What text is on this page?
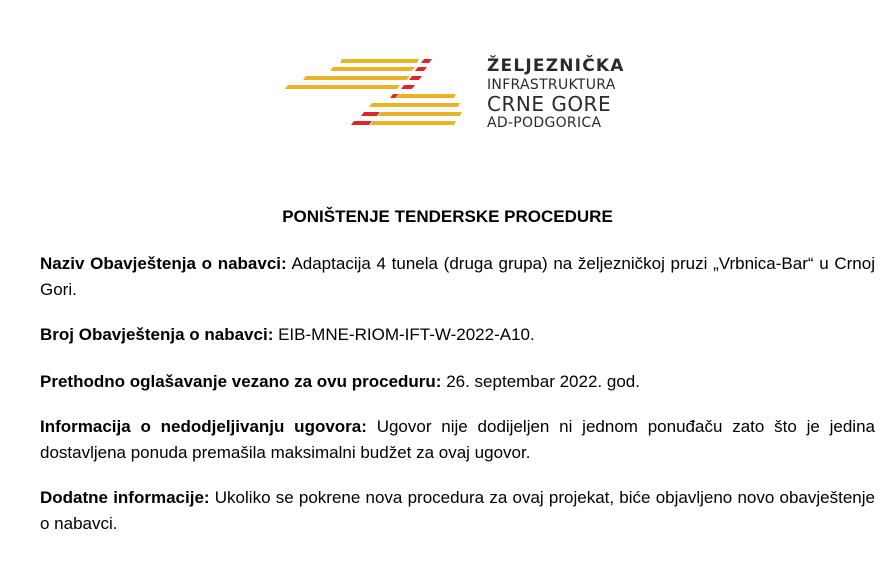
ŽELJEZNIČKA
INFRASTRUKTURA
CRNE GORE
AD-PODGORICA
PONIŠTENJE TENDERSKE PROCEDURE
Naziv Obavještenja o nabavci: Adaptacija 4 tunela (druga grupa) na željezničkoj pruzi „Vrbnica-Bar“ u Crnoj Gori.
Broj Obavještenja o nabavci: EIB-MNE-RIOM-IFT-W-2022-A10.
Prethodno oglašavanje vezano za ovu proceduru: 26. septembar 2022. god.
Informacija o nedodjeljivanju ugovora: Ugovor nije dodijeljen ni jednom ponuđaču zato što je jedina dostavljena ponuda premašila maksimalni budžet za ovaj ugovor.
Dodatne informacije: Ukoliko se pokrene nova procedura za ovaj projekat, biće objavljeno novo obavještenje o nabavci.
